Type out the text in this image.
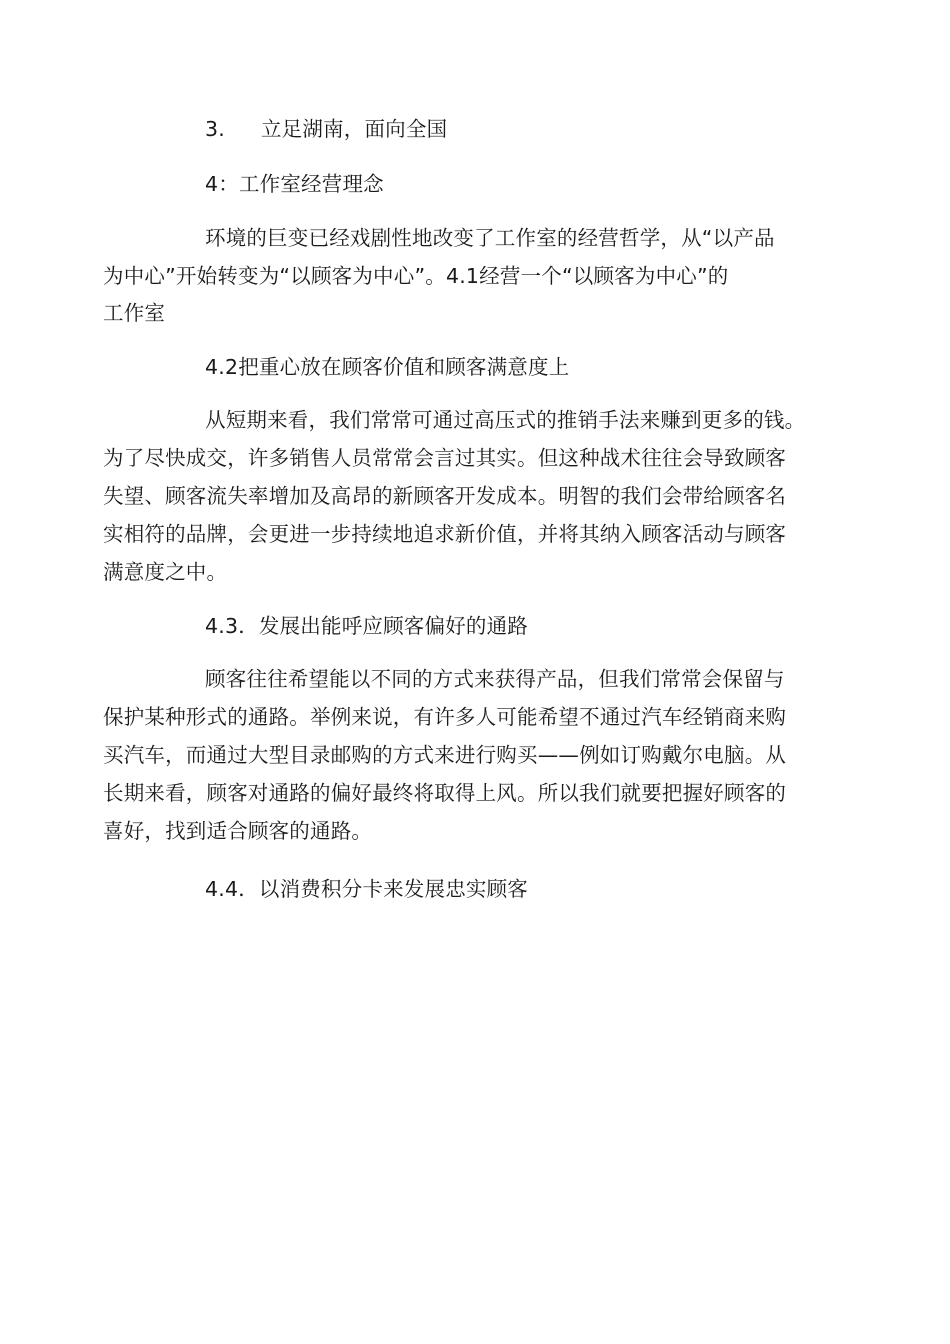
3. 立足湖南，面向全国
4：工作室经营理念
环境的巨变已经戏剧性地改变了工作室的经营哲学，从“以产品
为中心”开始转变为“以顾客为中心”。4.1经营一个“以顾客为中心”的
工作室
4.2把重心放在顾客价值和顾客满意度上
从短期来看，我们常常可通过高压式的推销手法来赚到更多的钱。
为了尽快成交，许多销售人员常常会言过其实。但这种战术往往会导致顾客
失望、顾客流失率增加及高昂的新顾客开发成本。明智的我们会带给顾客名
实相符的品牌，会更进一步持续地追求新价值，并将其纳入顾客活动与顾客
满意度之中。
4.3．发展出能呼应顾客偏好的通路
顾客往往希望能以不同的方式来获得产品，但我们常常会保留与
保护某种形式的通路。举例来说，有许多人可能希望不通过汽车经销商来购
买汽车，而通过大型目录邮购的方式来进行购买——例如订购戴尔电脑。从
长期来看，顾客对通路的偏好最终将取得上风。所以我们就要把握好顾客的
喜好，找到适合顾客的通路。
4.4．以消费积分卡来发展忠实顾客
